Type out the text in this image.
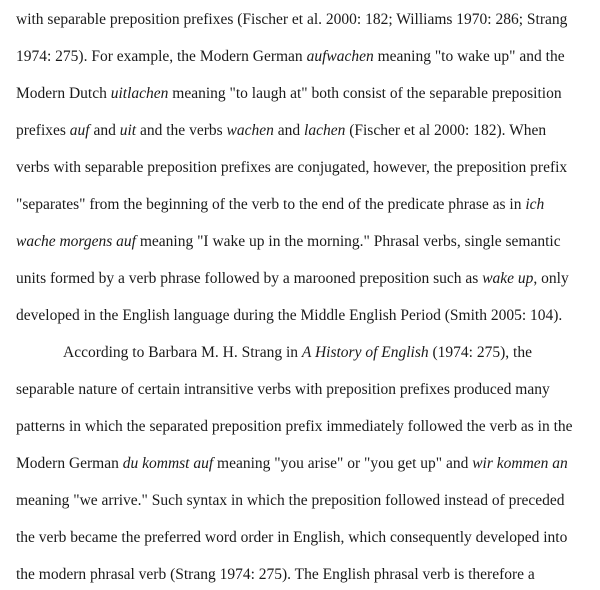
with separable preposition prefixes (Fischer et al. 2000: 182; Williams 1970: 286; Strang
1974: 275). For example, the Modern German aufwachen meaning "to wake up" and the
Modern Dutch uitlachen meaning "to laugh at" both consist of the separable preposition
prefixes auf and uit and the verbs wachen and lachen (Fischer et al 2000: 182). When
verbs with separable preposition prefixes are conjugated, however, the preposition prefix
"separates" from the beginning of the verb to the end of the predicate phrase as in ich
wache morgens auf meaning "I wake up in the morning." Phrasal verbs, single semantic
units formed by a verb phrase followed by a marooned preposition such as wake up, only
developed in the English language during the Middle English Period (Smith 2005: 104).
According to Barbara M. H. Strang in A History of English (1974: 275), the
separable nature of certain intransitive verbs with preposition prefixes produced many
patterns in which the separated preposition prefix immediately followed the verb as in the
Modern German du kommst auf meaning "you arise" or "you get up" and wir kommen an
meaning "we arrive." Such syntax in which the preposition followed instead of preceded
the verb became the preferred word order in English, which consequently developed into
the modern phrasal verb (Strang 1974: 275). The English phrasal verb is therefore a
